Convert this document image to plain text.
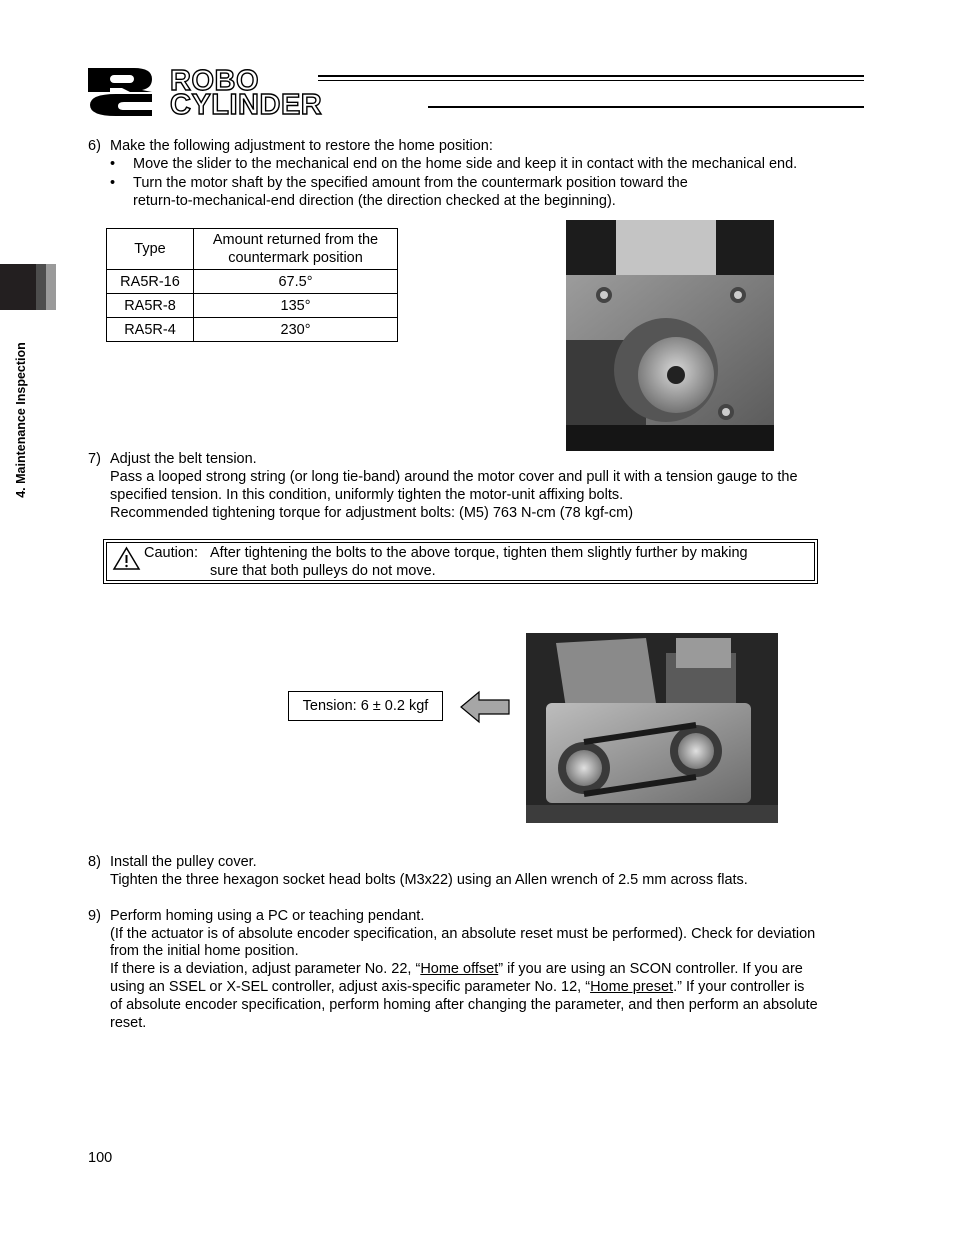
ROBO
CYLINDER
4. Maintenance Inspection
6) Make the following adjustment to restore the home position:
• Move the slider to the mechanical end on the home side and keep it in contact with the mechanical end.
• Turn the motor shaft by the specified amount from the countermark position toward the
return-to-mechanical-end direction (the direction checked at the beginning).
Type	Amount returned from the
countermark position
RA5R-16	67.5°
RA5R-8	135°
RA5R-4	230°
7) Adjust the belt tension.
Pass a looped strong string (or long tie-band) around the motor cover and pull it with a tension gauge to the
specified tension. In this condition, uniformly tighten the motor-unit affixing bolts.
Recommended tightening torque for adjustment bolts: (M5) 763 N-cm (78 kgf-cm)
Caution: After tightening the bolts to the above torque, tighten them slightly further by making
sure that both pulleys do not move.
Tension: 6 ± 0.2 kgf
8) Install the pulley cover.
Tighten the three hexagon socket head bolts (M3x22) using an Allen wrench of 2.5 mm across flats.
9) Perform homing using a PC or teaching pendant.
(If the actuator is of absolute encoder specification, an absolute reset must be performed). Check for deviation
from the initial home position.
If there is a deviation, adjust parameter No. 22, “Home offset” if you are using an SCON controller. If you are
using an SSEL or X-SEL controller, adjust axis-specific parameter No. 12, “Home preset.” If your controller is
of absolute encoder specification, perform homing after changing the parameter, and then perform an absolute
reset.
100
